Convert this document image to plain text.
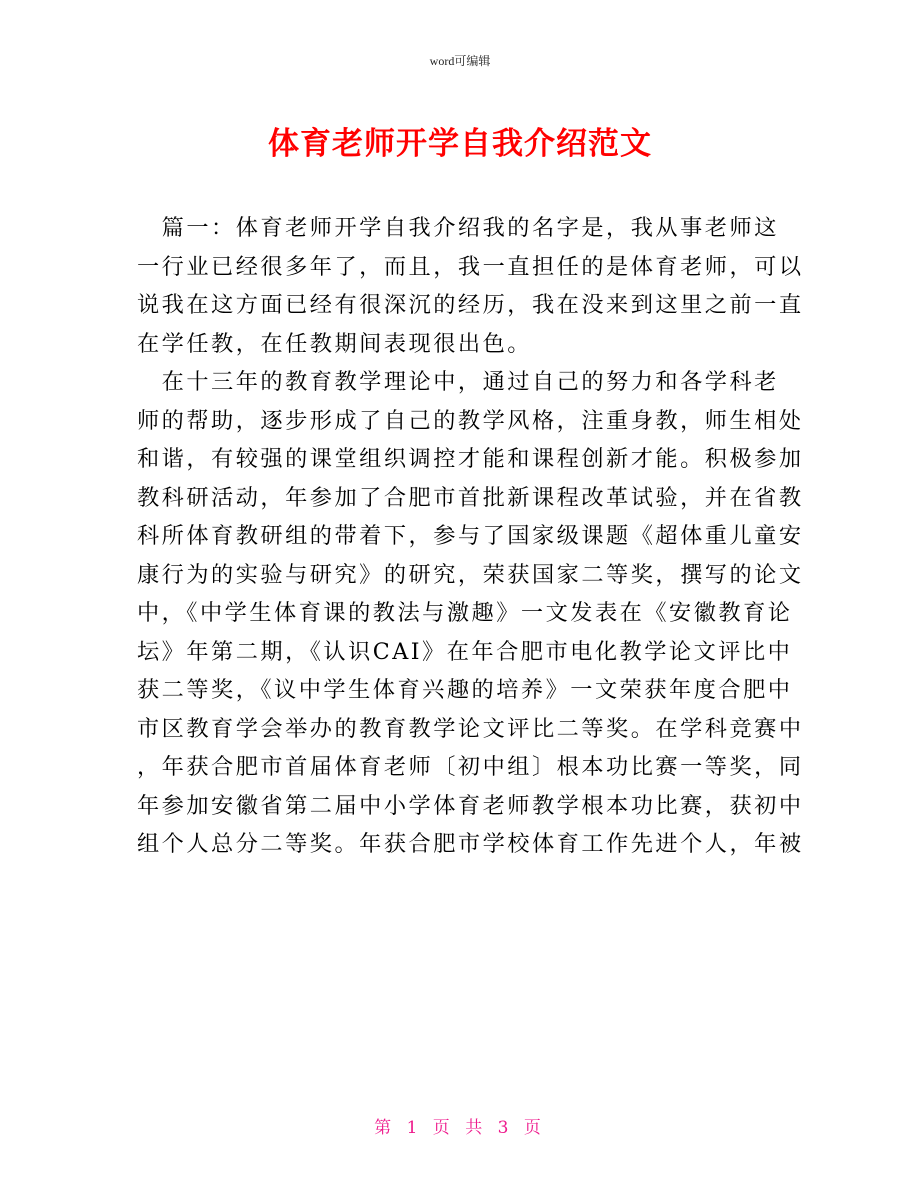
word可编辑
体育老师开学自我介绍范文
　篇一：体育老师开学自我介绍我的名字是，我从事老师这
一行业已经很多年了，而且，我一直担任的是体育老师，可以
说我在这方面已经有很深沉的经历，我在没来到这里之前一直
在学任教，在任教期间表现很出色。
　在十三年的教育教学理论中，通过自己的努力和各学科老
师的帮助，逐步形成了自己的教学风格，注重身教，师生相处
和谐，有较强的课堂组织调控才能和课程创新才能。积极参加
教科研活动，年参加了合肥市首批新课程改革试验，并在省教
科所体育教研组的带着下，参与了国家级课题《超体重儿童安
康行为的实验与研究》的研究，荣获国家二等奖，撰写的论文
中，《中学生体育课的教法与激趣》一文发表在《安徽教育论
坛》年第二期，《认识CAI》在年合肥市电化教学论文评比中
获二等奖，《议中学生体育兴趣的培养》一文荣获年度合肥中
市区教育学会举办的教育教学论文评比二等奖。在学科竞赛中
，年获合肥市首届体育老师〔初中组〕根本功比赛一等奖，同
年参加安徽省第二届中小学体育老师教学根本功比赛，获初中
组个人总分二等奖。年获合肥市学校体育工作先进个人，年被
第 1 页 共 3 页
